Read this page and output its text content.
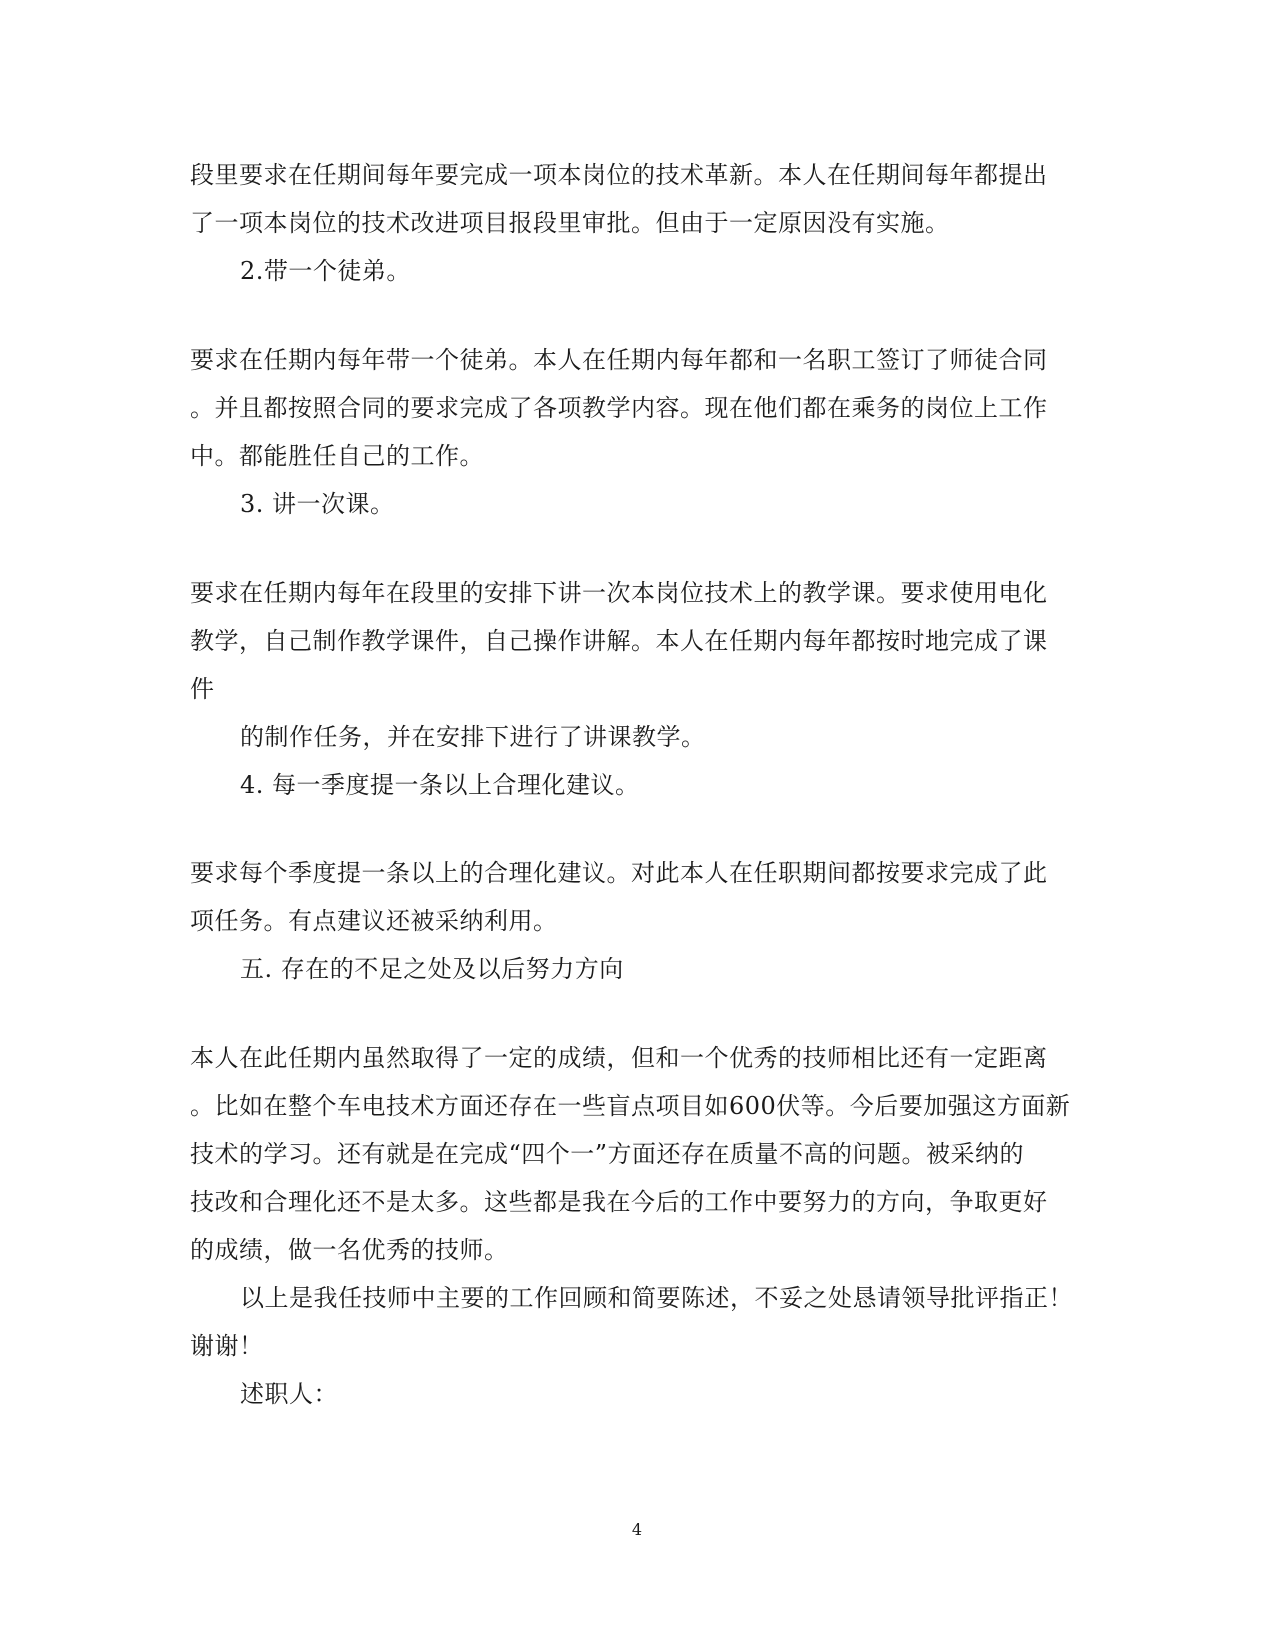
段里要求在任期间每年要完成一项本岗位的技术革新。本人在任期间每年都提出
了一项本岗位的技术改进项目报段里审批。但由于一定原因没有实施。
2.带一个徒弟。
要求在任期内每年带一个徒弟。本人在任期内每年都和一名职工签订了师徒合同
。并且都按照合同的要求完成了各项教学内容。现在他们都在乘务的岗位上工作
中。都能胜任自己的工作。
3. 讲一次课。
要求在任期内每年在段里的安排下讲一次本岗位技术上的教学课。要求使用电化
教学，自己制作教学课件，自己操作讲解。本人在任期内每年都按时地完成了课
件
的制作任务，并在安排下进行了讲课教学。
4. 每一季度提一条以上合理化建议。
要求每个季度提一条以上的合理化建议。对此本人在任职期间都按要求完成了此
项任务。有点建议还被采纳利用。
五. 存在的不足之处及以后努力方向
本人在此任期内虽然取得了一定的成绩，但和一个优秀的技师相比还有一定距离
。比如在整个车电技术方面还存在一些盲点项目如600伏等。今后要加强这方面新
技术的学习。还有就是在完成“四个一”方面还存在质量不高的问题。被采纳的
技改和合理化还不是太多。这些都是我在今后的工作中要努力的方向，争取更好
的成绩，做一名优秀的技师。
以上是我任技师中主要的工作回顾和简要陈述，不妥之处恳请领导批评指正！
谢谢！
述职人：
4
